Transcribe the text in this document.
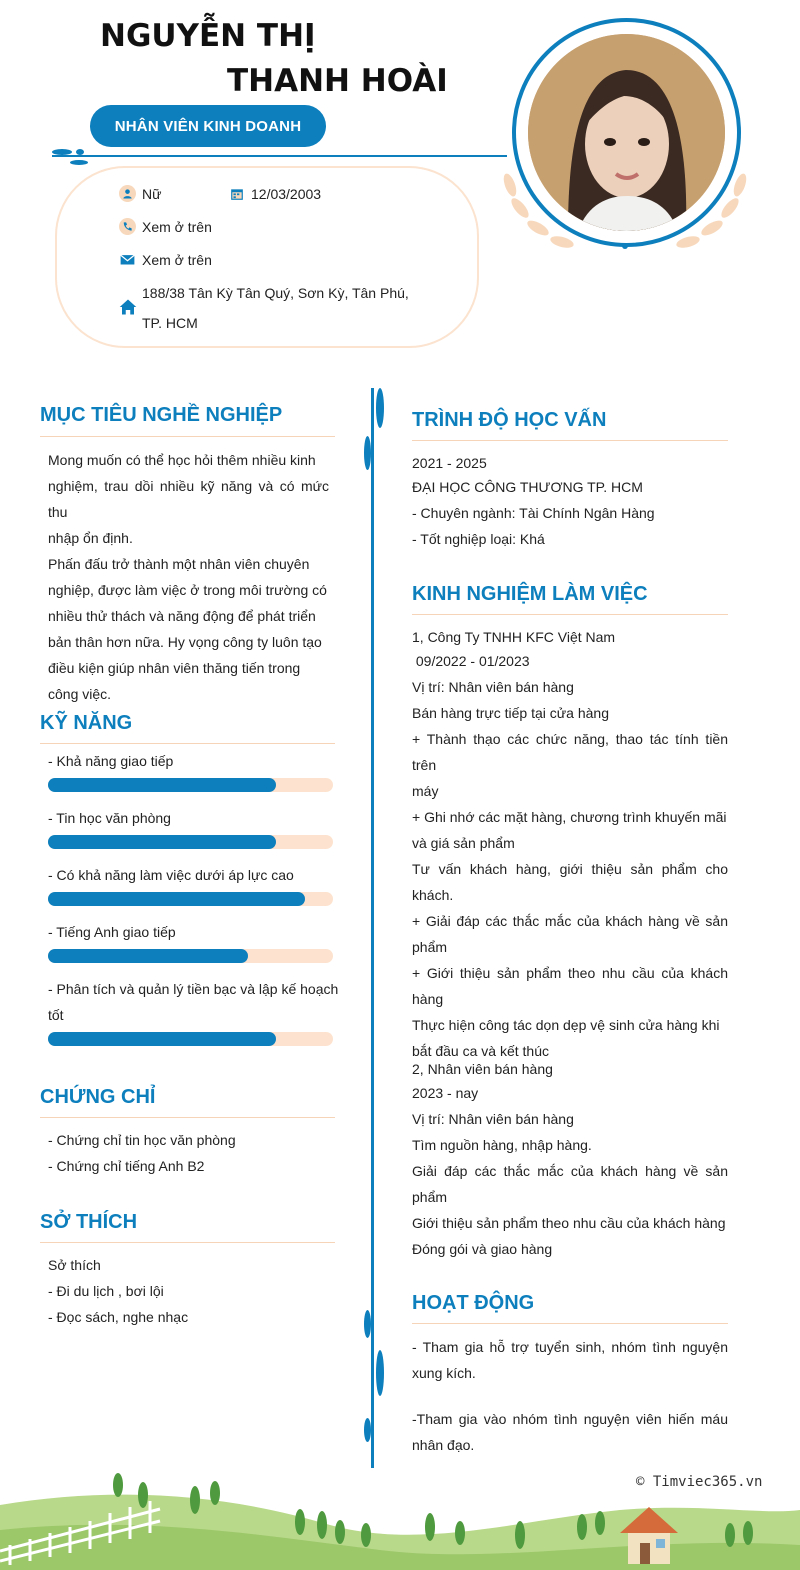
NGUYỄN THỊ
THANH HOÀI
NHÂN VIÊN KINH DOANH
Nữ	12/03/2003
Xem ở trên
Xem ở trên
188/38 Tân Kỳ Tân Quý, Sơn Kỳ, Tân Phú,
TP. HCM
MỤC TIÊU NGHỀ NGHIỆP
Mong muốn có thể học hỏi thêm nhiều kinh
nghiệm, trau dồi nhiều kỹ năng và có mức thu
nhập ổn định.
Phấn đấu trở thành một nhân viên chuyên
nghiệp, được làm việc ở trong môi trường có
nhiều thử thách và năng động để phát triển
bản thân hơn nữa. Hy vọng công ty luôn tạo
điều kiện giúp nhân viên thăng tiến trong
công việc.
KỸ NĂNG
- Khả năng giao tiếp
- Tin học văn phòng
- Có khả năng làm việc dưới áp lực cao
- Tiếng Anh giao tiếp
- Phân tích và quản lý tiền bạc và lập kế hoạch
tốt
CHỨNG CHỈ
- Chứng chỉ tin học văn phòng
- Chứng chỉ tiếng Anh B2
SỞ THÍCH
Sở thích
- Đi du lịch , bơi lội
- Đọc sách, nghe nhạc
TRÌNH ĐỘ HỌC VẤN
2021 - 2025
ĐẠI HỌC CÔNG THƯƠNG TP. HCM
- Chuyên ngành: Tài Chính Ngân Hàng
- Tốt nghiệp loại: Khá
KINH NGHIỆM LÀM VIỆC
1, Công Ty TNHH KFC Việt Nam
09/2022 - 01/2023
Vị trí: Nhân viên bán hàng
Bán hàng trực tiếp tại cửa hàng
+ Thành thạo các chức năng, thao tác tính tiền trên
máy
+ Ghi nhớ các mặt hàng, chương trình khuyến mãi
và giá sản phẩm
Tư vấn khách hàng, giới thiệu sản phẩm cho
khách.
+ Giải đáp các thắc mắc của khách hàng về sản
phẩm
+ Giới thiệu sản phẩm theo nhu cầu của khách
hàng
Thực hiện công tác dọn dẹp vệ sinh cửa hàng khi
bắt đầu ca và kết thúc
2, Nhân viên bán hàng
2023 - nay
Vị trí: Nhân viên bán hàng
Tìm nguồn hàng, nhập hàng.
Giải đáp các thắc mắc của khách hàng về sản
phẩm
Giới thiệu sản phẩm theo nhu cầu của khách hàng
Đóng gói và giao hàng
HOẠT ĐỘNG
- Tham gia hỗ trợ tuyển sinh, nhóm tình nguyện
xung kích.
-Tham gia vào nhóm tình nguyện viên hiến máu
nhân đạo.
© Timviec365.vn
